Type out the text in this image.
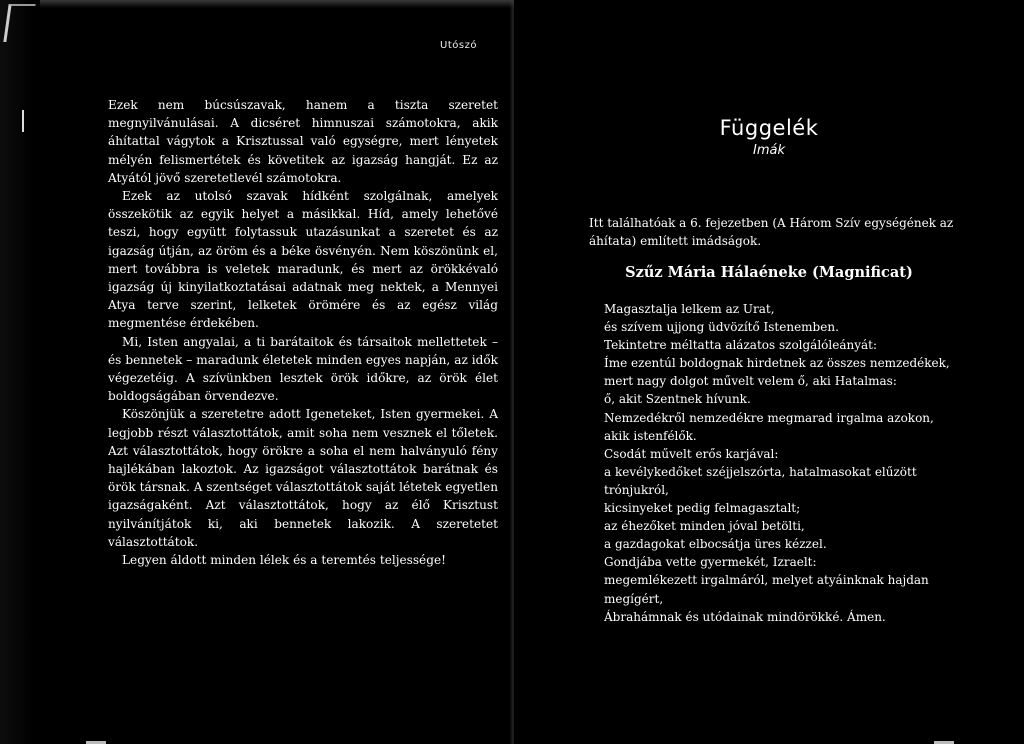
Utószó

Ezek nem búcsúszavak, hanem a tiszta szeretet megnyilvánulásai. A dicséret himnuszai számotokra, akik áhítattal vágytok a Krisztussal való egységre, mert lényetek mélyén felismertétek és követitek az igazság hangját. Ez az Atyától jövő szeretetlevél számotokra.

Ezek az utolsó szavak hídként szolgálnak, amelyek összekötik az egyik helyet a másikkal. Híd, amely lehetővé teszi, hogy együtt folytassuk utazásunkat a szeretet és az igazság útján, az öröm és a béke ösvényén. Nem köszönünk el, mert továbbra is veletek maradunk, és mert az örökkévaló igazság új kinyilatkoztatásai adatnak meg nektek, a Mennyei Atya terve szerint, lelketek örömére és az egész világ megmentése érdekében.

Mi, Isten angyalai, a ti barátaitok és társaitok mellettetek – és bennetek – maradunk életetek minden egyes napján, az idők végezetéig. A szívünkben lesztek örök időkre, az örök élet boldogságában örvendezve.

Köszönjük a szeretetre adott Igeneteket, Isten gyermekei. A legjobb részt választottátok, amit soha nem vesznek el tőletek. Azt választottátok, hogy örökre a soha el nem halványuló fény hajlékában lakoztok. Az igazságot választottátok barátnak és örök társnak. A szentséget választottátok saját létetek egyetlen igazságaként. Azt választottátok, hogy az élő Krisztust nyilvánítjátok ki, aki bennetek lakozik. A szeretetet választottátok.

Legyen áldott minden lélek és a teremtés teljessége!

Függelék
Imák

Itt találhatóak a 6. fejezetben (A Három Szív egységének az áhítata) említett imádságok.

Szűz Mária Hálaéneke (Magnificat)
Magasztalja lelkem az Urat,
és szívem ujjong üdvözítő Istenemben.
Tekintetre méltatta alázatos szolgálóleányát:
Íme ezentúl boldognak hirdetnek az összes nemzedékek,
mert nagy dolgot művelt velem ő, aki Hatalmas:
ő, akit Szentnek hívunk.
Nemzedékről nemzedékre megmarad irgalma azokon,
akik istenfélők.
Csodát művelt erős karjával:
a kevélykedőket széjjelszórta, hatalmasokat elűzött
trónjukról,
kicsinyeket pedig felmagasztalt;
az éhezőket minden jóval betölti,
a gazdagokat elbocsátja üres kézzel.
Gondjába vette gyermekét, Izraelt:
megemlékezett irgalmáról, melyet atyáinknak hajdan
megígért,
Ábrahámnak és utódainak mindörökké. Ámen.
